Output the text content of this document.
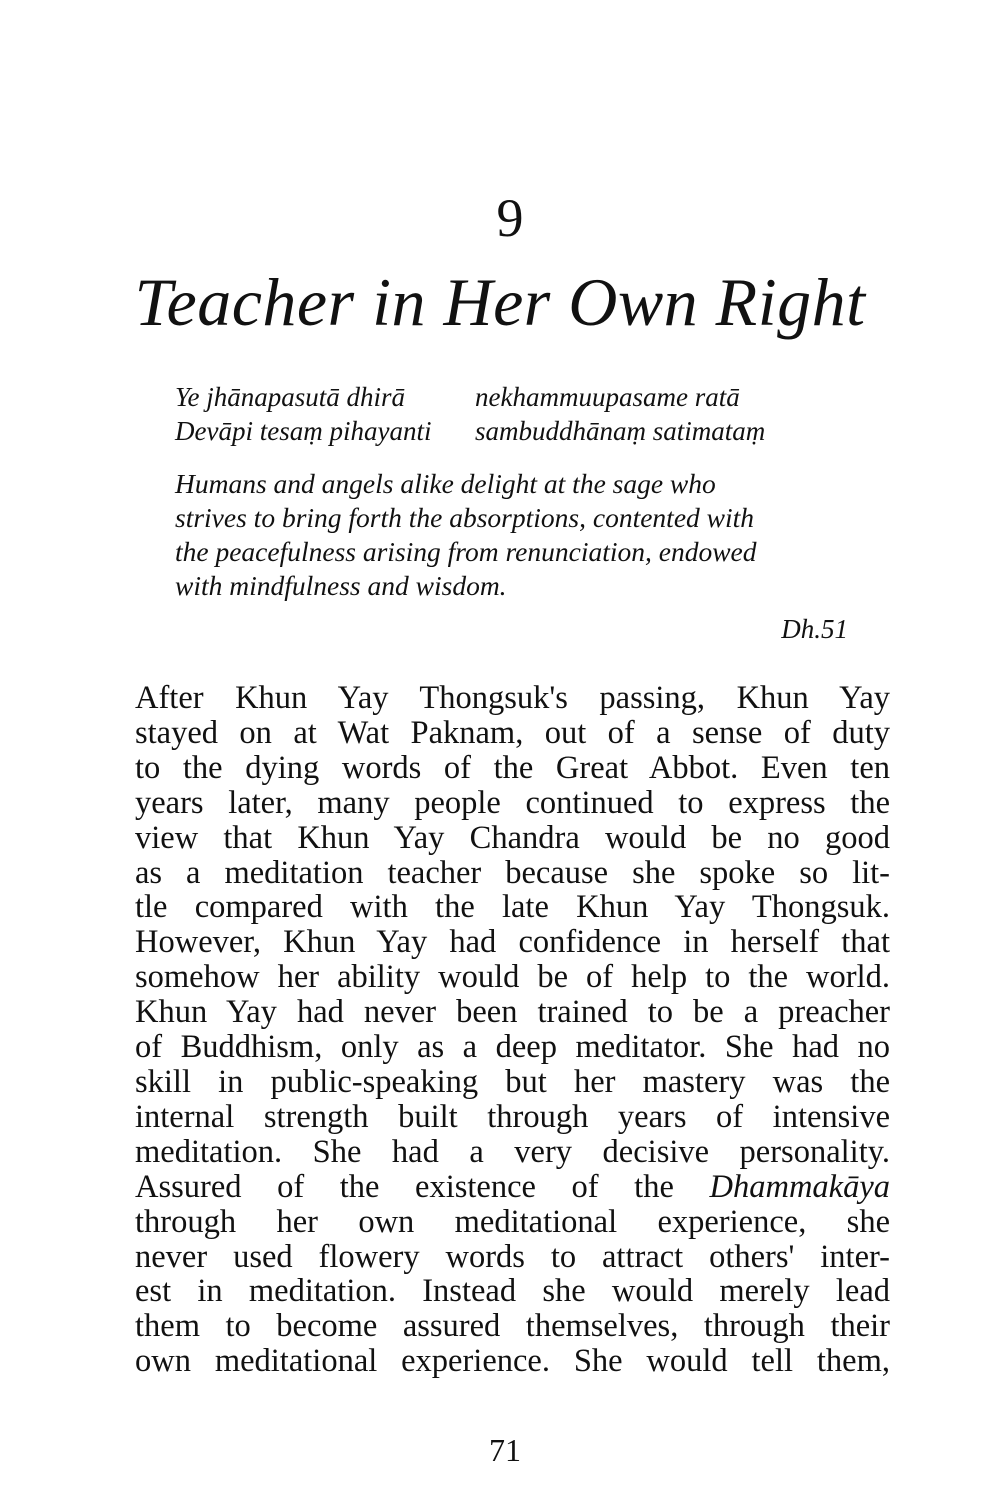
9
Teacher in Her Own Right
Ye jhānapasutā dhirā	nekhammuupasame ratā
Devāpi tesaṃ pihayanti	sambuddhānaṃ satimataṃ
Humans and angels alike delight at the sage who
strives to bring forth the absorptions, contented with
the peacefulness arising from renunciation, endowed
with mindfulness and wisdom.
Dh.51
After Khun Yay Thongsuk's passing, Khun Yay
stayed on at Wat Paknam, out of a sense of duty
to the dying words of the Great Abbot. Even ten
years later, many people continued to express the
view that Khun Yay Chandra would be no good
as a meditation teacher because she spoke so lit-
tle compared with the late Khun Yay Thongsuk.
However, Khun Yay had confidence in herself that
somehow her ability would be of help to the world.
Khun Yay had never been trained to be a preacher
of Buddhism, only as a deep meditator. She had no
skill in public-speaking but her mastery was the
internal strength built through years of intensive
meditation. She had a very decisive personality.
Assured of the existence of the Dhammakāya
through her own meditational experience, she
never used flowery words to attract others' inter-
est in meditation. Instead she would merely lead
them to become assured themselves, through their
own meditational experience. She would tell them,
71
